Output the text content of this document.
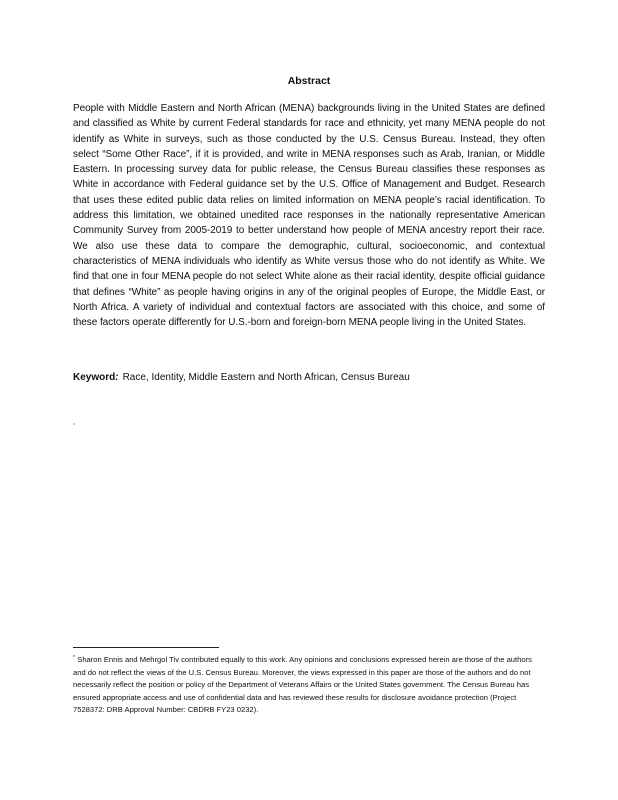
Abstract
People with Middle Eastern and North African (MENA) backgrounds living in the United States are defined and classified as White by current Federal standards for race and ethnicity, yet many MENA people do not identify as White in surveys, such as those conducted by the U.S. Census Bureau. Instead, they often select “Some Other Race”, if it is provided, and write in MENA responses such as Arab, Iranian, or Middle Eastern. In processing survey data for public release, the Census Bureau classifies these responses as White in accordance with Federal guidance set by the U.S. Office of Management and Budget. Research that uses these edited public data relies on limited information on MENA people’s racial identification. To address this limitation, we obtained unedited race responses in the nationally representative American Community Survey from 2005-2019 to better understand how people of MENA ancestry report their race. We also use these data to compare the demographic, cultural, socioeconomic, and contextual characteristics of MENA individuals who identify as White versus those who do not identify as White. We find that one in four MENA people do not select White alone as their racial identity, despite official guidance that defines “White” as people having origins in any of the original peoples of Europe, the Middle East, or North Africa. A variety of individual and contextual factors are associated with this choice, and some of these factors operate differently for U.S.-born and foreign-born MENA people living in the United States.
Keyword: Race, Identity, Middle Eastern and North African, Census Bureau
* Sharon Ennis and Mehrgol Tiv contributed equally to this work. Any opinions and conclusions expressed herein are those of the authors and do not reflect the views of the U.S. Census Bureau. Moreover, the views expressed in this paper are those of the authors and do not necessarily reflect the position or policy of the Department of Veterans Affairs or the United States government. The Census Bureau has ensured appropriate access and use of confidential data and has reviewed these results for disclosure avoidance protection (Project 7528372: DRB Approval Number: CBDRB FY23 0232).
